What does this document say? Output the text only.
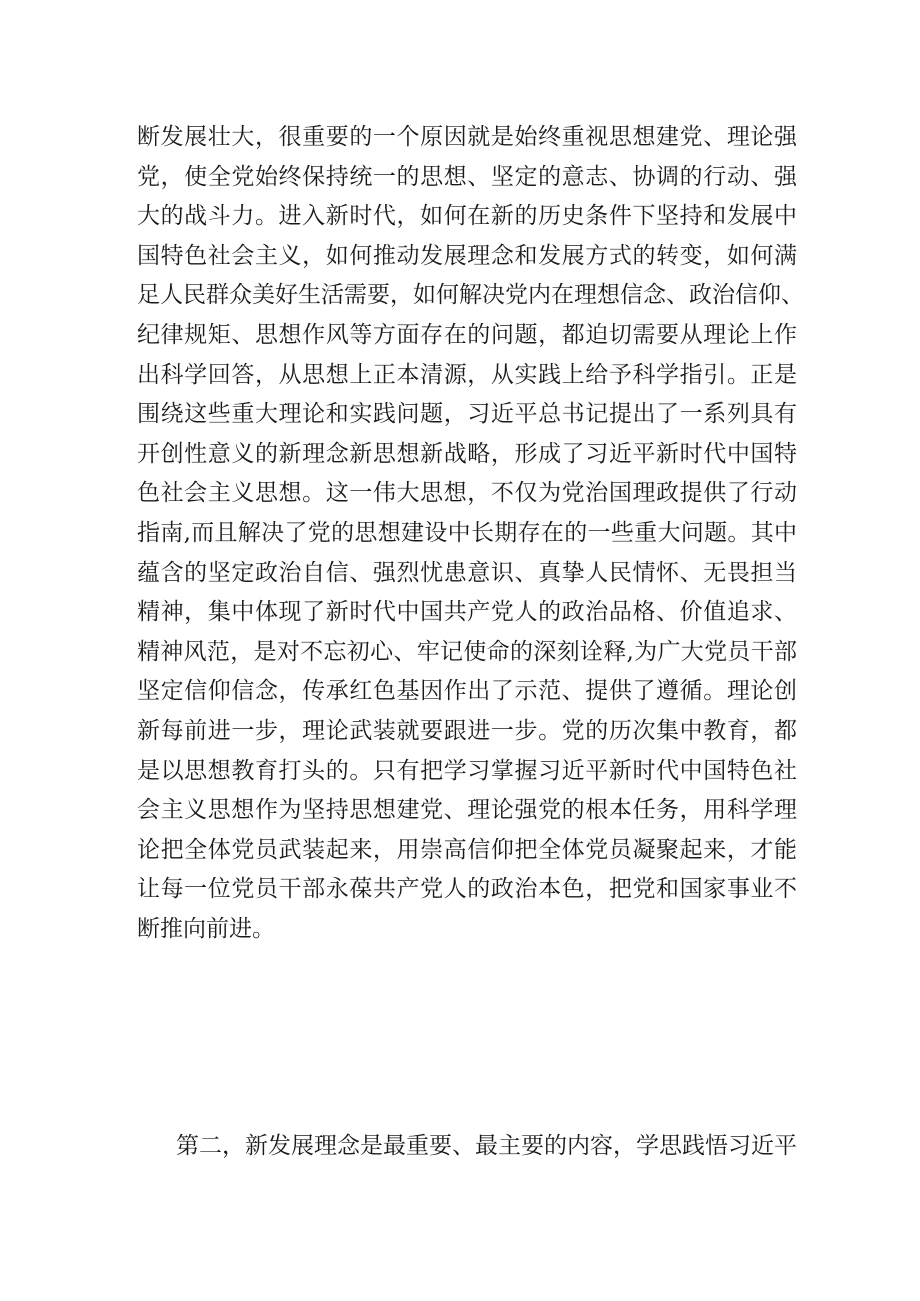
断发展壮大，很重要的一个原因就是始终重视思想建党、理论强
党，使全党始终保持统一的思想、坚定的意志、协调的行动、强
大的战斗力。进入新时代，如何在新的历史条件下坚持和发展中
国特色社会主义，如何推动发展理念和发展方式的转变，如何满
足人民群众美好生活需要，如何解决党内在理想信念、政治信仰、
纪律规矩、思想作风等方面存在的问题，都迫切需要从理论上作
出科学回答，从思想上正本清源，从实践上给予科学指引。正是
围绕这些重大理论和实践问题，习近平总书记提出了一系列具有
开创性意义的新理念新思想新战略，形成了习近平新时代中国特
色社会主义思想。这一伟大思想，不仅为党治国理政提供了行动
指南,而且解决了党的思想建设中长期存在的一些重大问题。其中
蕴含的坚定政治自信、强烈忧患意识、真挚人民情怀、无畏担当
精神，集中体现了新时代中国共产党人的政治品格、价值追求、
精神风范，是对不忘初心、牢记使命的深刻诠释,为广大党员干部
坚定信仰信念，传承红色基因作出了示范、提供了遵循。理论创
新每前进一步，理论武装就要跟进一步。党的历次集中教育，都
是以思想教育打头的。只有把学习掌握习近平新时代中国特色社
会主义思想作为坚持思想建党、理论强党的根本任务，用科学理
论把全体党员武装起来，用崇高信仰把全体党员凝聚起来，才能
让每一位党员干部永葆共产党人的政治本色，把党和国家事业不
断推向前进。
第二，新发展理念是最重要、最主要的内容，学思践悟习近平
